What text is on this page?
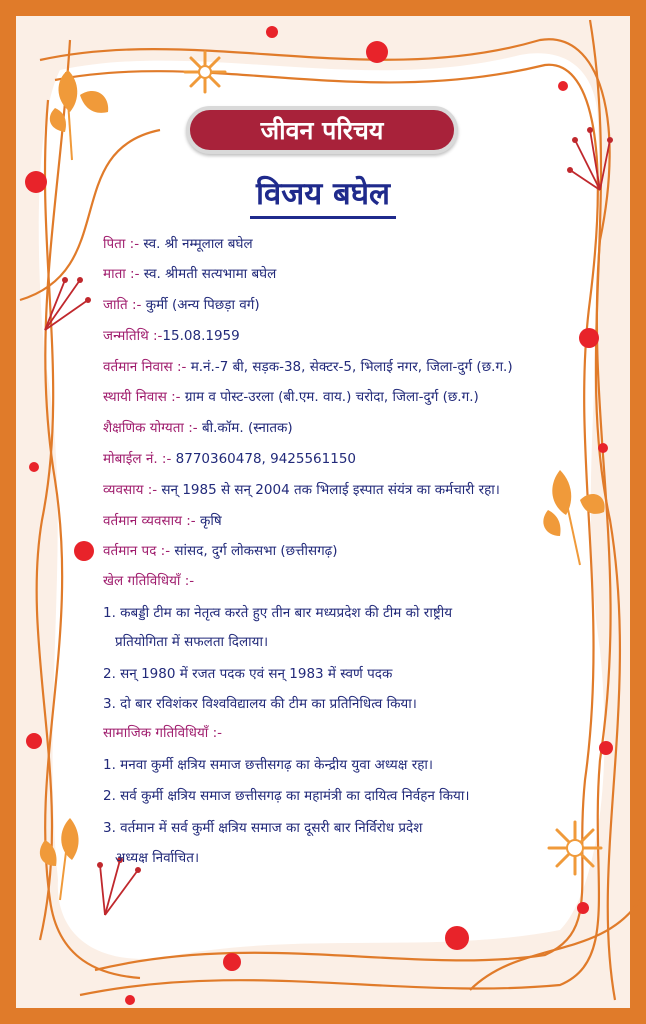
जीवन परिचय
विजय बघेल
पिता :- स्व. श्री नम्मूलाल बघेल
माता :- स्व. श्रीमती सत्यभामा बघेल
जाति :- कुर्मी (अन्य पिछड़ा वर्ग)
जन्मतिथि :-15.08.1959
वर्तमान निवास :- म.नं.-7 बी, सड़क-38, सेक्टर-5, भिलाई नगर, जिला-दुर्ग (छ.ग.)
स्थायी निवास :- ग्राम व पोस्ट-उरला (बी.एम. वाय.) चरोदा, जिला-दुर्ग (छ.ग.)
शैक्षणिक योग्यता :- बी.कॉम. (स्नातक)
मोबाईल नं. :- 8770360478, 9425561150
व्यवसाय :- सन् 1985 से सन् 2004 तक भिलाई इस्पात संयंत्र का कर्मचारी रहा।
वर्तमान व्यवसाय :- कृषि
वर्तमान पद :- सांसद, दुर्ग लोकसभा (छत्तीसगढ़)
खेल गतिविधियाँ :-
1. कबड्डी टीम का नेतृत्व करते हुए तीन बार मध्यप्रदेश की टीम को राष्ट्रीय
प्रतियोगिता में सफलता दिलाया।
2. सन् 1980 में रजत पदक एवं सन् 1983 में स्वर्ण पदक
3. दो बार रविशंकर विश्वविद्यालय की टीम का प्रतिनिधित्व किया।
सामाजिक गतिविधियाँ :-
1. मनवा कुर्मी क्षत्रिय समाज छत्तीसगढ़ का केन्द्रीय युवा अध्यक्ष रहा।
2. सर्व कुर्मी क्षत्रिय समाज छत्तीसगढ़ का महामंत्री का दायित्व निर्वहन किया।
3. वर्तमान में सर्व कुर्मी क्षत्रिय समाज का दूसरी बार निर्विरोध प्रदेश
अध्यक्ष निर्वाचित।
